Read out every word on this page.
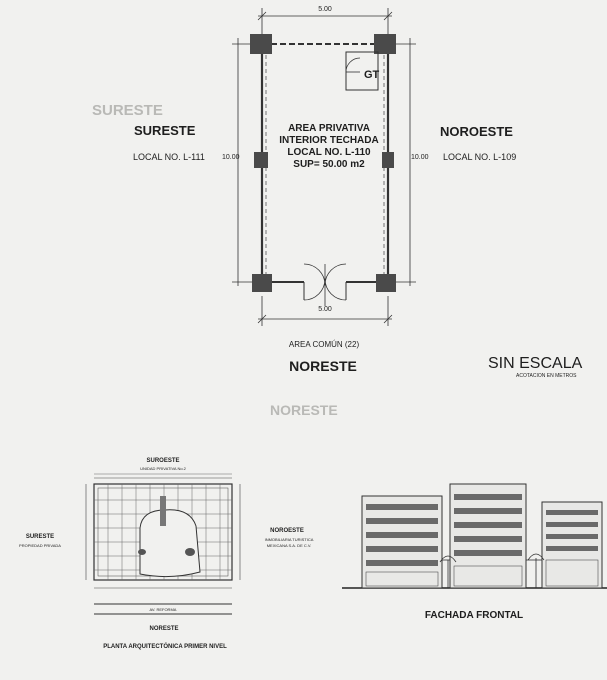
SURESTE
NORESTE
5.00
5.00
10.00	10.00
AREA PRIVATIVA
INTERIOR TECHADA
LOCAL NO. L-110
SUP= 50.00 m2
GT
SURESTE
LOCAL NO. L-111
NOROESTE
LOCAL NO. L-109
AREA COMÚN (22)
NORESTE	SIN ESCALA
ACOTACION EN METROS
SUROESTE
UNIDAD PRIVATIVA No.2
SURESTE
PROPIEDAD PRIVADA
NOROESTE
INMOBILIARIA TURISTICA
MEXICANA S.A. DE C.V.
AV. REFORMA
NORESTE
PLANTA ARQUITECTÓNICA PRIMER NIVEL
FACHADA FRONTAL
